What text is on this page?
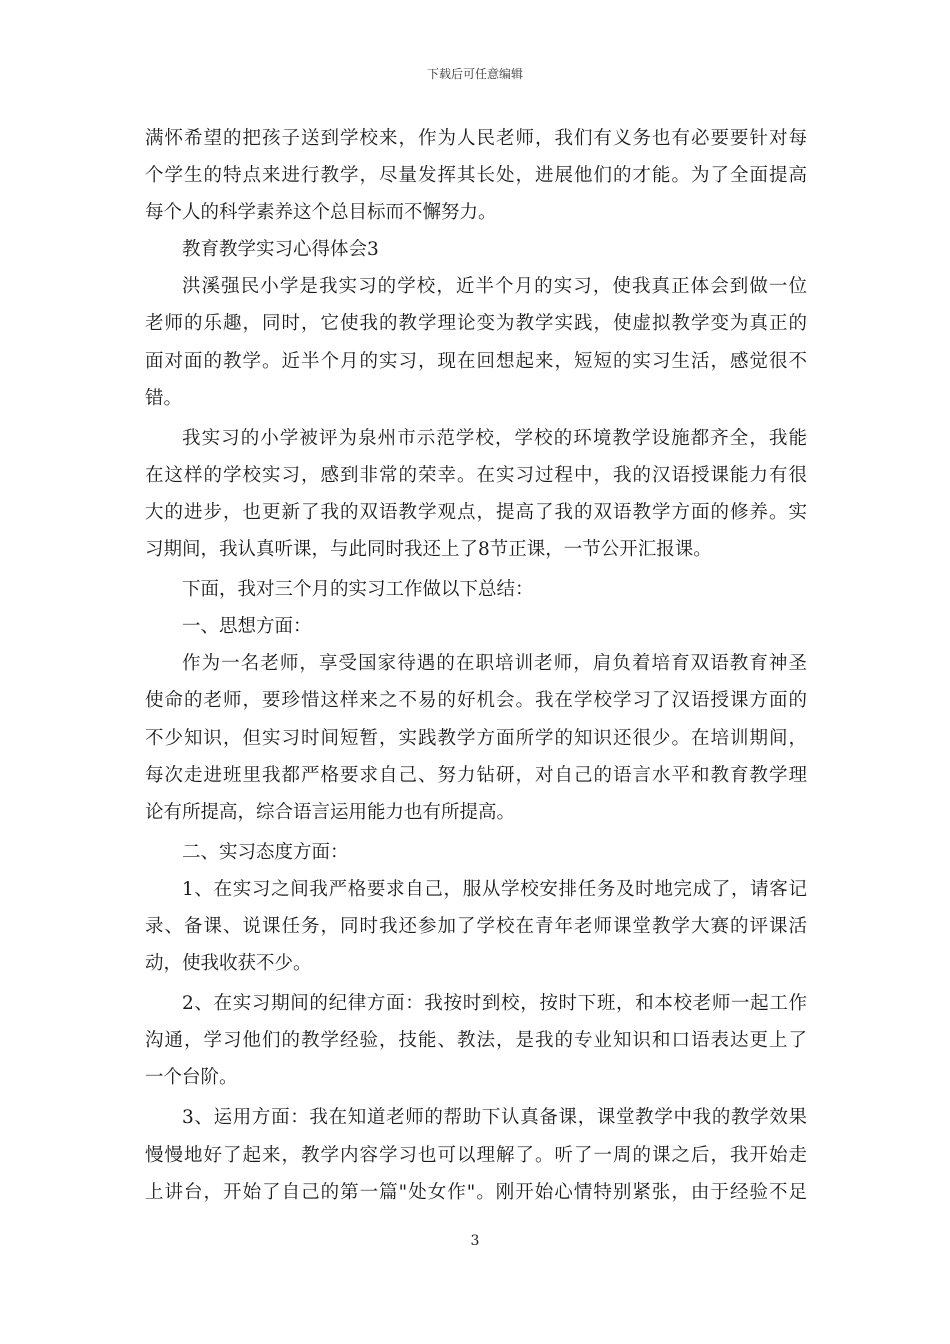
下载后可任意编辑
满怀希望的把孩子送到学校来，作为人民老师，我们有义务也有必要要针对每
个学生的特点来进行教学，尽量发挥其长处，进展他们的才能。为了全面提高
每个人的科学素养这个总目标而不懈努力。
教育教学实习心得体会3
洪溪强民小学是我实习的学校，近半个月的实习，使我真正体会到做一位
老师的乐趣，同时，它使我的教学理论变为教学实践，使虚拟教学变为真正的
面对面的教学。近半个月的实习，现在回想起来，短短的实习生活，感觉很不
错。
我实习的小学被评为泉州市示范学校，学校的环境教学设施都齐全，我能
在这样的学校实习，感到非常的荣幸。在实习过程中，我的汉语授课能力有很
大的进步，也更新了我的双语教学观点，提高了我的双语教学方面的修养。实
习期间，我认真听课，与此同时我还上了8节正课，一节公开汇报课。
下面，我对三个月的实习工作做以下总结：
一、思想方面：
作为一名老师，享受国家待遇的在职培训老师，肩负着培育双语教育神圣
使命的老师，要珍惜这样来之不易的好机会。我在学校学习了汉语授课方面的
不少知识，但实习时间短暂，实践教学方面所学的知识还很少。在培训期间，
每次走进班里我都严格要求自己、努力钻研，对自己的语言水平和教育教学理
论有所提高，综合语言运用能力也有所提高。
二、实习态度方面：
1、在实习之间我严格要求自己，服从学校安排任务及时地完成了，请客记
录、备课、说课任务，同时我还参加了学校在青年老师课堂教学大赛的评课活
动，使我收获不少。
2、在实习期间的纪律方面：我按时到校，按时下班，和本校老师一起工作
沟通，学习他们的教学经验，技能、教法，是我的专业知识和口语表达更上了
一个台阶。
3、运用方面：我在知道老师的帮助下认真备课，课堂教学中我的教学效果
慢慢地好了起来，教学内容学习也可以理解了。听了一周的课之后，我开始走
上讲台，开始了自己的第一篇"处女作"。刚开始心情特别紧张，由于经验不足
3
